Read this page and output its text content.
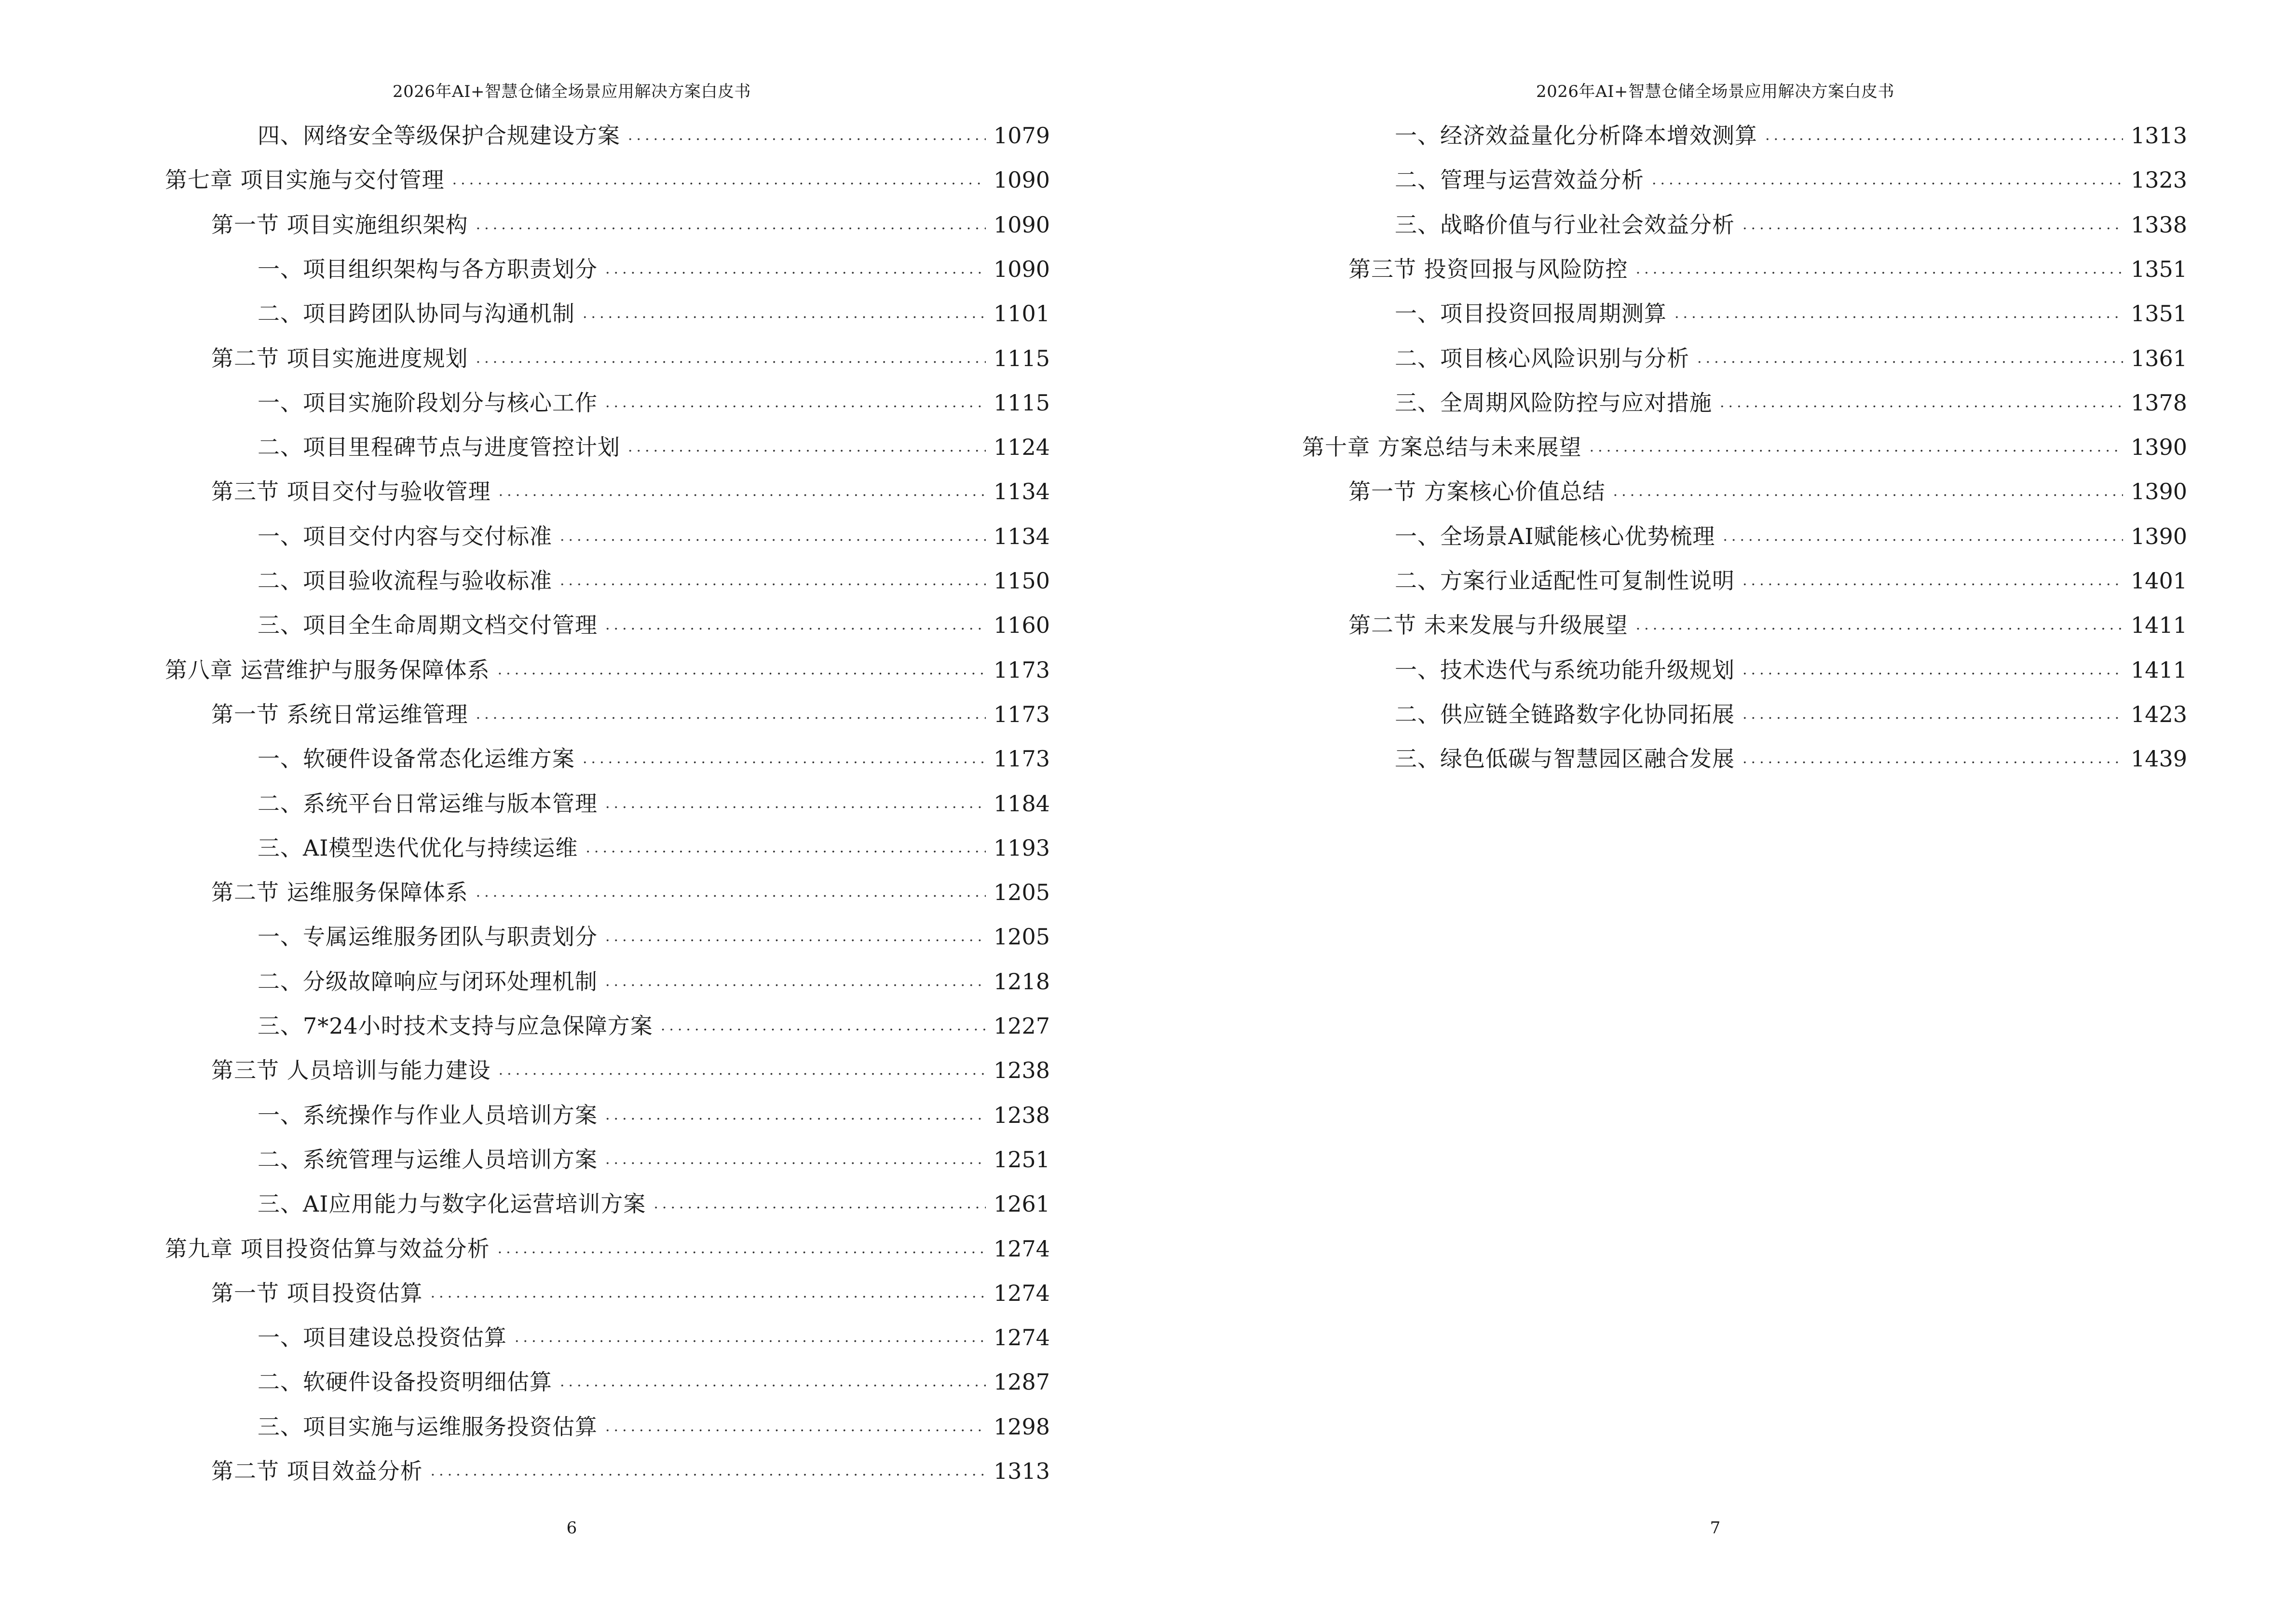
2026年AI+智慧仓储全场景应用解决方案白皮书
四、网络安全等级保护合规建设方案 .....	1079
第七章 项目实施与交付管理 .....	1090
第一节 项目实施组织架构 .....	1090
一、项目组织架构与各方职责划分 .....	1090
二、项目跨团队协同与沟通机制 .....	1101
第二节 项目实施进度规划 .....	1115
一、项目实施阶段划分与核心工作 .....	1115
二、项目里程碑节点与进度管控计划 .....	1124
第三节 项目交付与验收管理 .....	1134
一、项目交付内容与交付标准 .....	1134
二、项目验收流程与验收标准 .....	1150
三、项目全生命周期文档交付管理 .....	1160
第八章 运营维护与服务保障体系 .....	1173
第一节 系统日常运维管理 .....	1173
一、软硬件设备常态化运维方案 .....	1173
二、系统平台日常运维与版本管理 .....	1184
三、AI模型迭代优化与持续运维 .....	1193
第二节 运维服务保障体系 .....	1205
一、专属运维服务团队与职责划分 .....	1205
二、分级故障响应与闭环处理机制 .....	1218
三、7*24小时技术支持与应急保障方案 .....	1227
第三节 人员培训与能力建设 .....	1238
一、系统操作与作业人员培训方案 .....	1238
二、系统管理与运维人员培训方案 .....	1251
三、AI应用能力与数字化运营培训方案 .....	1261
第九章 项目投资估算与效益分析 .....	1274
第一节 项目投资估算 .....	1274
一、项目建设总投资估算 .....	1274
二、软硬件设备投资明细估算 .....	1287
三、项目实施与运维服务投资估算 .....	1298
第二节 项目效益分析 .....	1313
6
2026年AI+智慧仓储全场景应用解决方案白皮书
一、经济效益量化分析降本增效测算 .....	1313
二、管理与运营效益分析 .....	1323
三、战略价值与行业社会效益分析 .....	1338
第三节 投资回报与风险防控 .....	1351
一、项目投资回报周期测算 .....	1351
二、项目核心风险识别与分析 .....	1361
三、全周期风险防控与应对措施 .....	1378
第十章 方案总结与未来展望 .....	1390
第一节 方案核心价值总结 .....	1390
一、全场景AI赋能核心优势梳理 .....	1390
二、方案行业适配性可复制性说明 .....	1401
第二节 未来发展与升级展望 .....	1411
一、技术迭代与系统功能升级规划 .....	1411
二、供应链全链路数字化协同拓展 .....	1423
三、绿色低碳与智慧园区融合发展 .....	1439
7
